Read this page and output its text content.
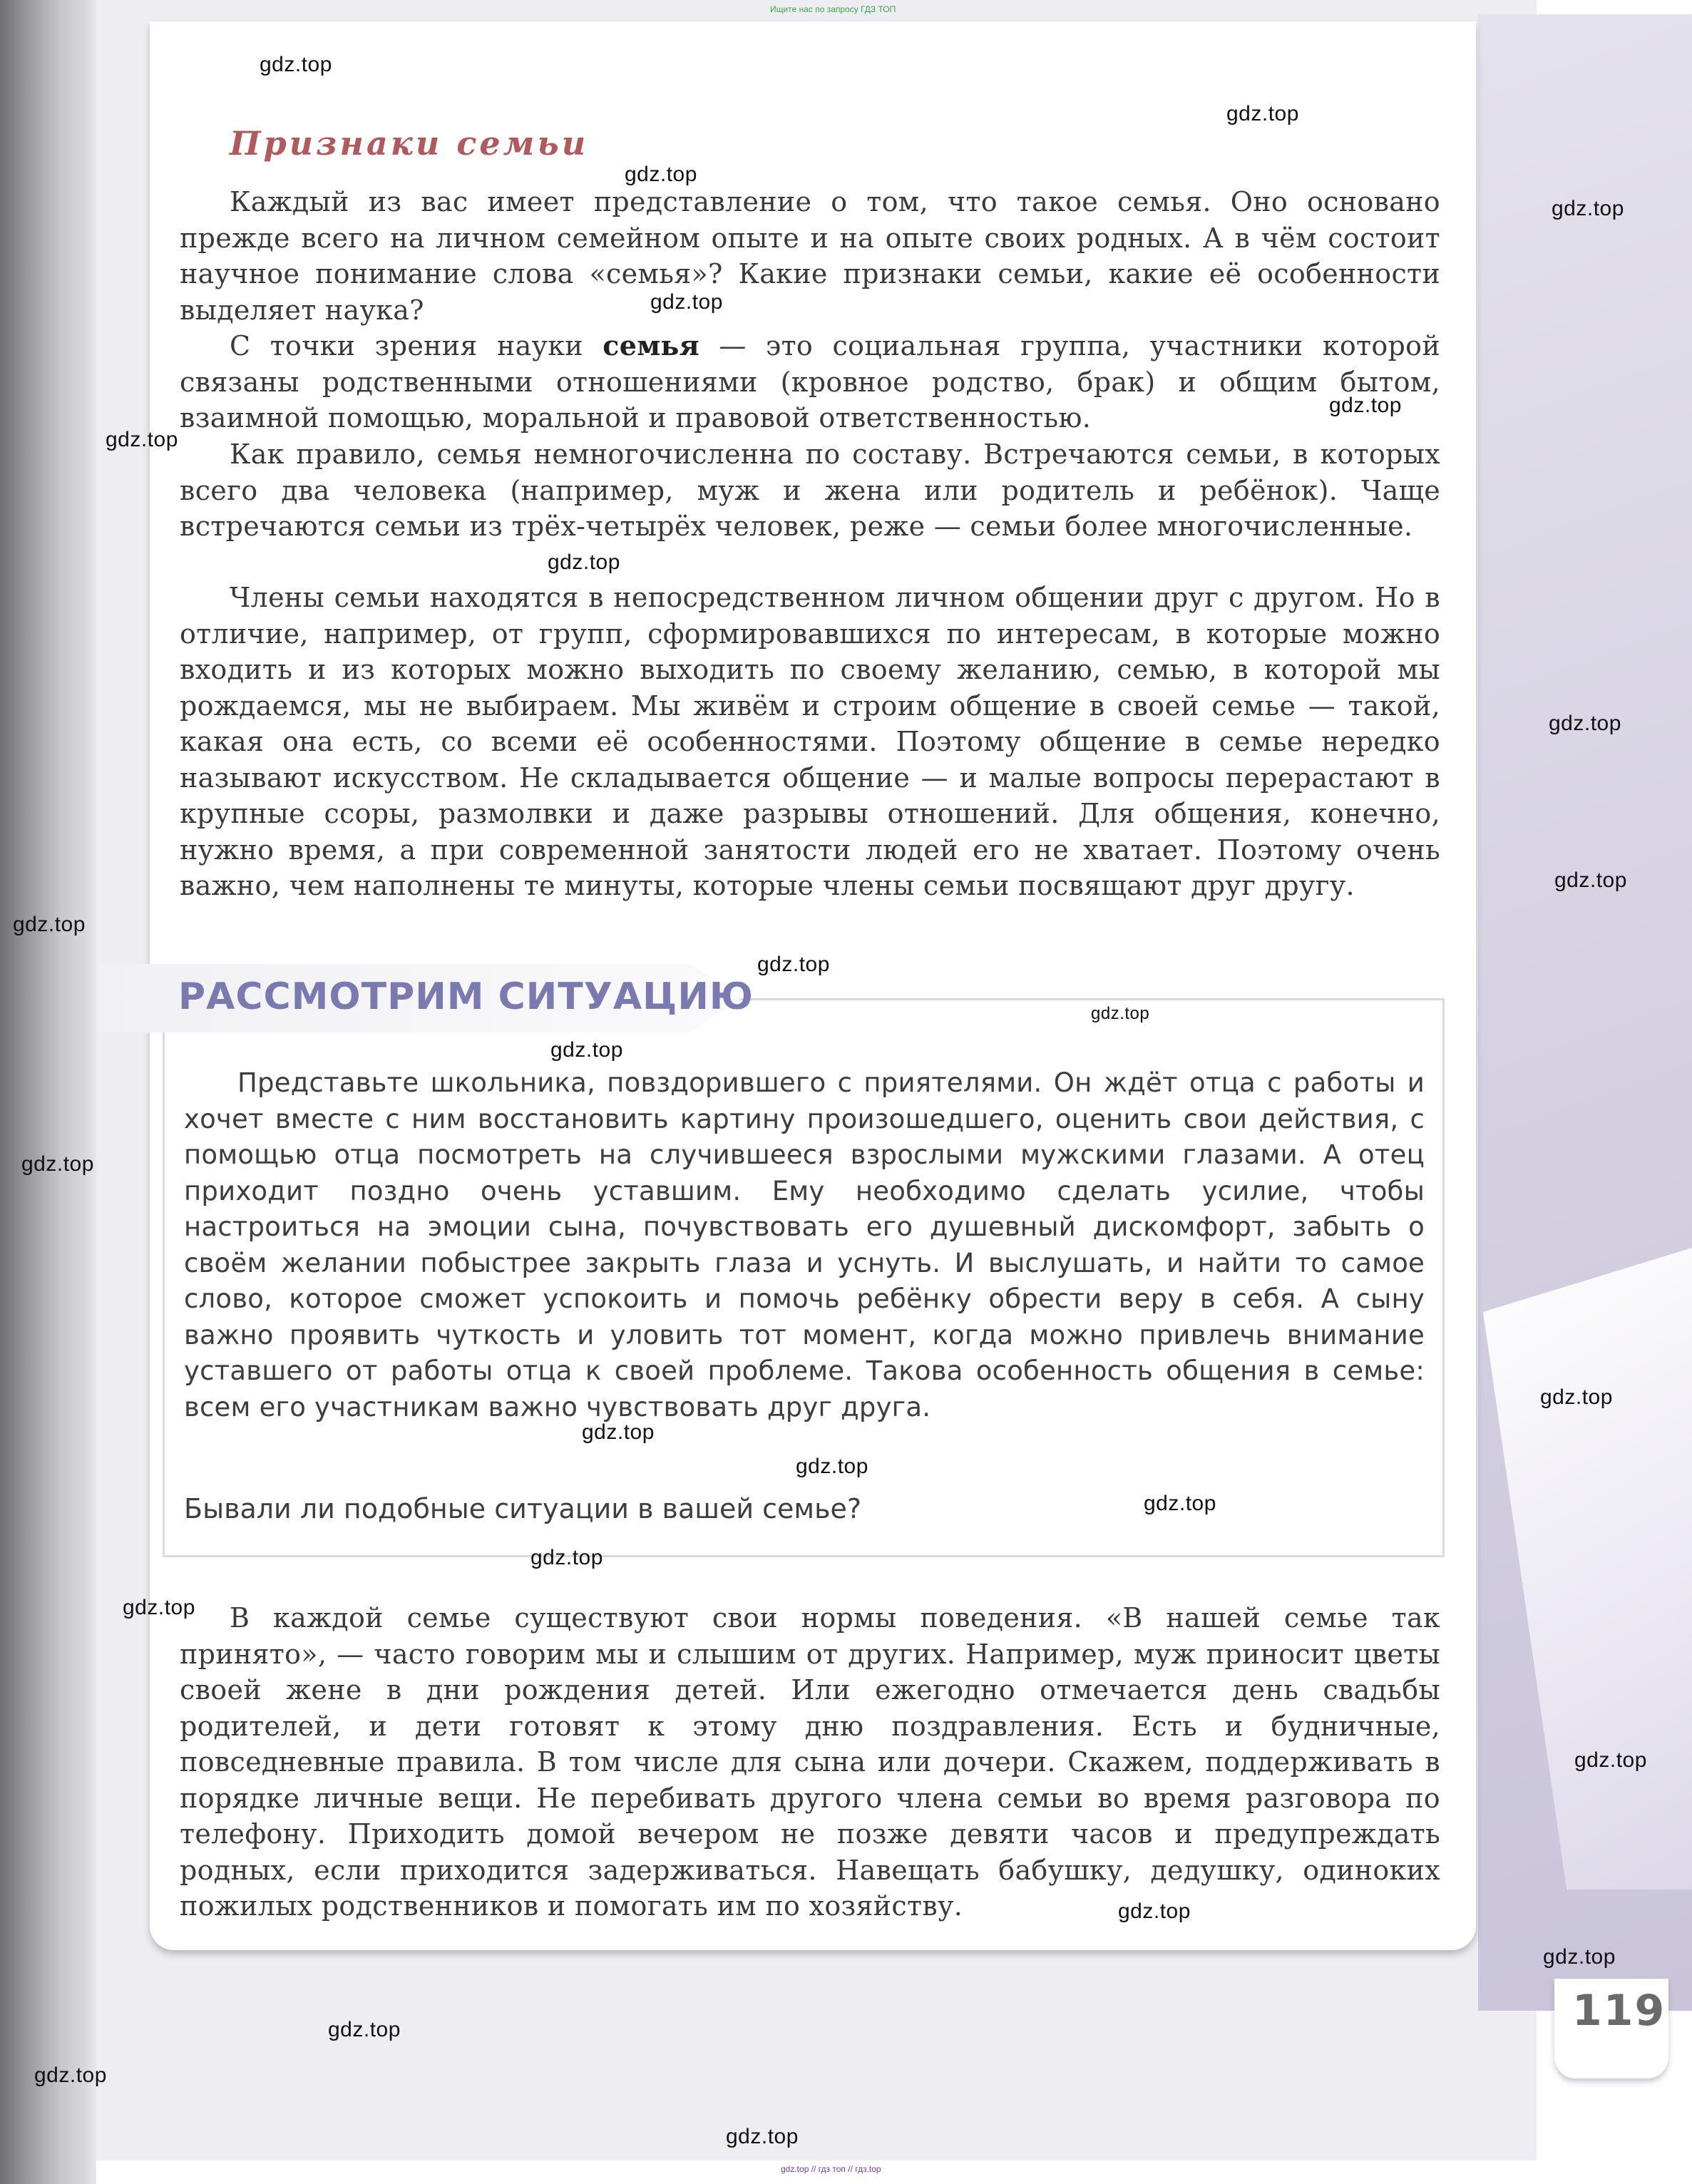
Ищите нас по запросу ГДЗ ТОП
Признаки семьи

Каждый из вас имеет представление о том, что такое семья. Оно основано прежде всего на личном семейном опыте и на опыте своих родных. А в чём состоит научное понимание слова «семья»? Какие признаки семьи, какие её особенности выделяет наука?

С точки зрения науки семья — это социальная группа, участники которой связаны родственными отношениями (кровное родство, брак) и общим бытом, взаимной помощью, моральной и правовой ответственностью.

Как правило, семья немногочисленна по составу. Встречаются семьи, в которых всего два человека (например, муж и жена или родитель и ребёнок). Чаще встречаются семьи из трёх-четырёх человек, реже — семьи более многочисленные.

Члены семьи находятся в непосредственном личном общении друг с другом. Но в отличие, например, от групп, сформировавшихся по интересам, в которые можно входить и из которых можно выходить по своему желанию, семью, в которой мы рождаемся, мы не выбираем. Мы живём и строим общение в своей семье — такой, какая она есть, со всеми её особенностями. Поэтому общение в семье нередко называют искусством. Не складывается общение — и малые вопросы перерастают в крупные ссоры, размолвки и даже разрывы отношений. Для общения, конечно, нужно время, а при современной занятости людей его не хватает. Поэтому очень важно, чем наполнены те минуты, которые члены семьи посвящают друг другу.

РАССМОТРИМ СИТУАЦИЮ

Представьте школьника, повздорившего с приятелями. Он ждёт отца с работы и хочет вместе с ним восстановить картину произошедшего, оценить свои действия, с помощью отца посмотреть на случившееся взрослыми мужскими глазами. А отец приходит поздно очень уставшим. Ему необходимо сделать усилие, чтобы настроиться на эмоции сына, почувствовать его душевный дискомфорт, забыть о своём желании побыстрее закрыть глаза и уснуть. И выслушать, и найти то самое слово, которое сможет успокоить и помочь ребёнку обрести веру в себя. А сыну важно проявить чуткость и уловить тот момент, когда можно привлечь внимание уставшего от работы отца к своей проблеме. Такова особенность общения в семье: всем его участникам важно чувствовать друг друга.

Бывали ли подобные ситуации в вашей семье?

В каждой семье существуют свои нормы поведения. «В нашей семье так принято», — часто говорим мы и слышим от других. Например, муж приносит цветы своей жене в дни рождения детей. Или ежегодно отмечается день свадьбы родителей, и дети готовят к этому дню поздравления. Есть и будничные, повседневные правила. В том числе для сына или дочери. Скажем, поддерживать в порядке личные вещи. Не перебивать другого члена семьи во время разговора по телефону. Приходить домой вечером не позже девяти часов и предупреждать родных, если приходится задерживаться. Навещать бабушку, дедушку, одиноких пожилых родственников и помогать им по хозяйству.

119
gdz.top
gdz.top
gdz.top
gdz.top
gdz.top
gdz.top
gdz.top
gdz.top
gdz.top
gdz.top
gdz.top
gdz.top
gdz.top
gdz.top
gdz.top
gdz.top
gdz.top
gdz.top
gdz.top
gdz.top
gdz.top
gdz.top
gdz.top
gdz.top
gdz.top
gdz.top
gdz.top
gdz.top // гдз топ // гдз.top
